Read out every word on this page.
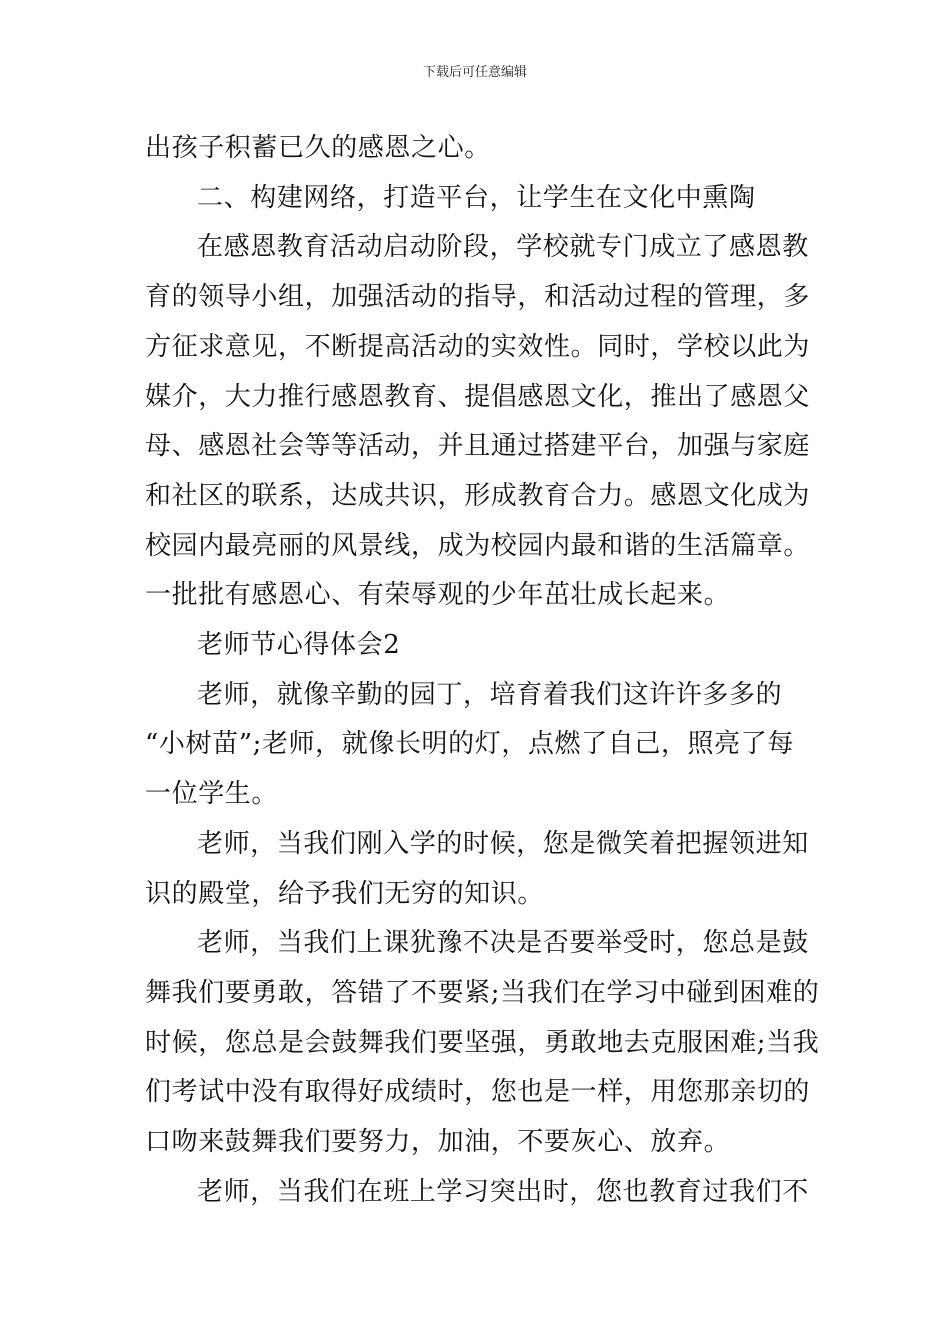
下载后可任意编辑
出孩子积蓄已久的感恩之心。
二、构建网络，打造平台，让学生在文化中熏陶
在感恩教育活动启动阶段，学校就专门成立了感恩教
育的领导小组，加强活动的指导，和活动过程的管理，多
方征求意见，不断提高活动的实效性。同时，学校以此为
媒介，大力推行感恩教育、提倡感恩文化，推出了感恩父
母、感恩社会等等活动，并且通过搭建平台，加强与家庭
和社区的联系，达成共识，形成教育合力。感恩文化成为
校园内最亮丽的风景线，成为校园内最和谐的生活篇章。
一批批有感恩心、有荣辱观的少年茁壮成长起来。
老师节心得体会2
老师，就像辛勤的园丁，培育着我们这许许多多的
“小树苗”;老师，就像长明的灯，点燃了自己，照亮了每
一位学生。
老师，当我们刚入学的时候，您是微笑着把握领进知
识的殿堂，给予我们无穷的知识。
老师，当我们上课犹豫不决是否要举受时，您总是鼓
舞我们要勇敢，答错了不要紧;当我们在学习中碰到困难的
时候，您总是会鼓舞我们要坚强，勇敢地去克服困难;当我
们考试中没有取得好成绩时，您也是一样，用您那亲切的
口吻来鼓舞我们要努力，加油，不要灰心、放弃。
老师，当我们在班上学习突出时，您也教育过我们不
